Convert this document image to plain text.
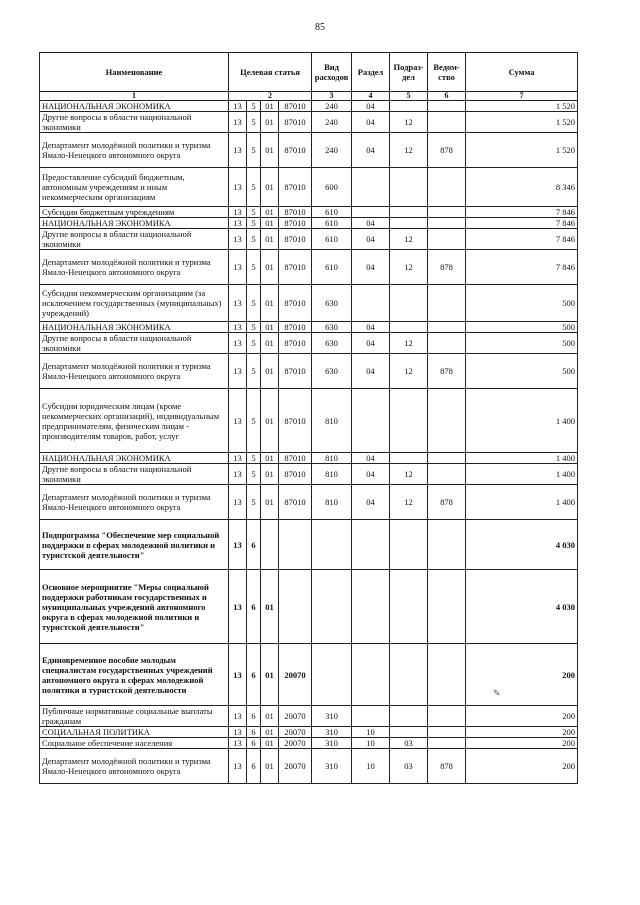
85
Наименование	Целевая статья				Вид расходов	Раздел	Подраз-дел	Ведом-ство	Сумма
1	2				3	4	5	6	7
НАЦИОНАЛЬНАЯ ЭКОНОМИКА	13	5	01	87010	240	04			1 520
Другие вопросы в области национальной экономики	13	5	01	87010	240	04	12		1 520
Департамент молодёжной политики и туризма Ямало-Ненецкого автономного округа	13	5	01	87010	240	04	12	878	1 520
Предоставление субсидий бюджетным, автономным учреждениям и иным некоммерческим организациям	13	5	01	87010	600				8 346
Субсидии бюджетным учреждениям	13	5	01	87010	610				7 846
НАЦИОНАЛЬНАЯ ЭКОНОМИКА	13	5	01	87010	610	04			7 846
Другие вопросы в области национальной экономики	13	5	01	87010	610	04	12		7 846
Департамент молодёжной политики и туризма Ямало-Ненецкого автономного округа	13	5	01	87010	610	04	12	878	7 846
Субсидии некоммерческим организациям (за исключением государственных (муниципальных) учреждений)	13	5	01	87010	630				500
НАЦИОНАЛЬНАЯ ЭКОНОМИКА	13	5	01	87010	630	04			500
Другие вопросы в области национальной экономики	13	5	01	87010	630	04	12		500
Департамент молодёжной политики и туризма Ямало-Ненецкого автономного округа	13	5	01	87010	630	04	12	878	500
Субсидии юридическим лицам (кроме некоммерческих организаций), индивидуальным предпринимателям, физическим лицам - производителям товаров, работ, услуг	13	5	01	87010	810				1 400
НАЦИОНАЛЬНАЯ ЭКОНОМИКА	13	5	01	87010	810	04			1 400
Другие вопросы в области национальной экономики	13	5	01	87010	810	04	12		1 400
Департамент молодёжной политики и туризма Ямало-Ненецкого автономного округа	13	5	01	87010	810	04	12	878	1 400
Подпрограмма "Обеспечение мер социальной поддержки в сферах молодежной политики и туристской деятельности"	13	6							4 030
Основное мероприятие "Меры социальной поддержки работникам государственных и муниципальных учреждений автономного округа в сферах молодежной политики и туристской деятельности"	13	6	01						4 030
Единовременное пособие молодым специалистам государственных учреждений автономного округа в сферах молодежной политики и туристской деятельности	13	6	01	20070					200
Публичные нормативные социальные выплаты гражданам	13	6	01	20070	310				200
СОЦИАЛЬНАЯ ПОЛИТИКА	13	6	01	20070	310	10			200
Социальное обеспечение населения	13	6	01	20070	310	10	03		200
Департамент молодёжной политики и туризма Ямало-Ненецкого автономного округа	13	6	01	20070	310	10	03	878	200
✎
